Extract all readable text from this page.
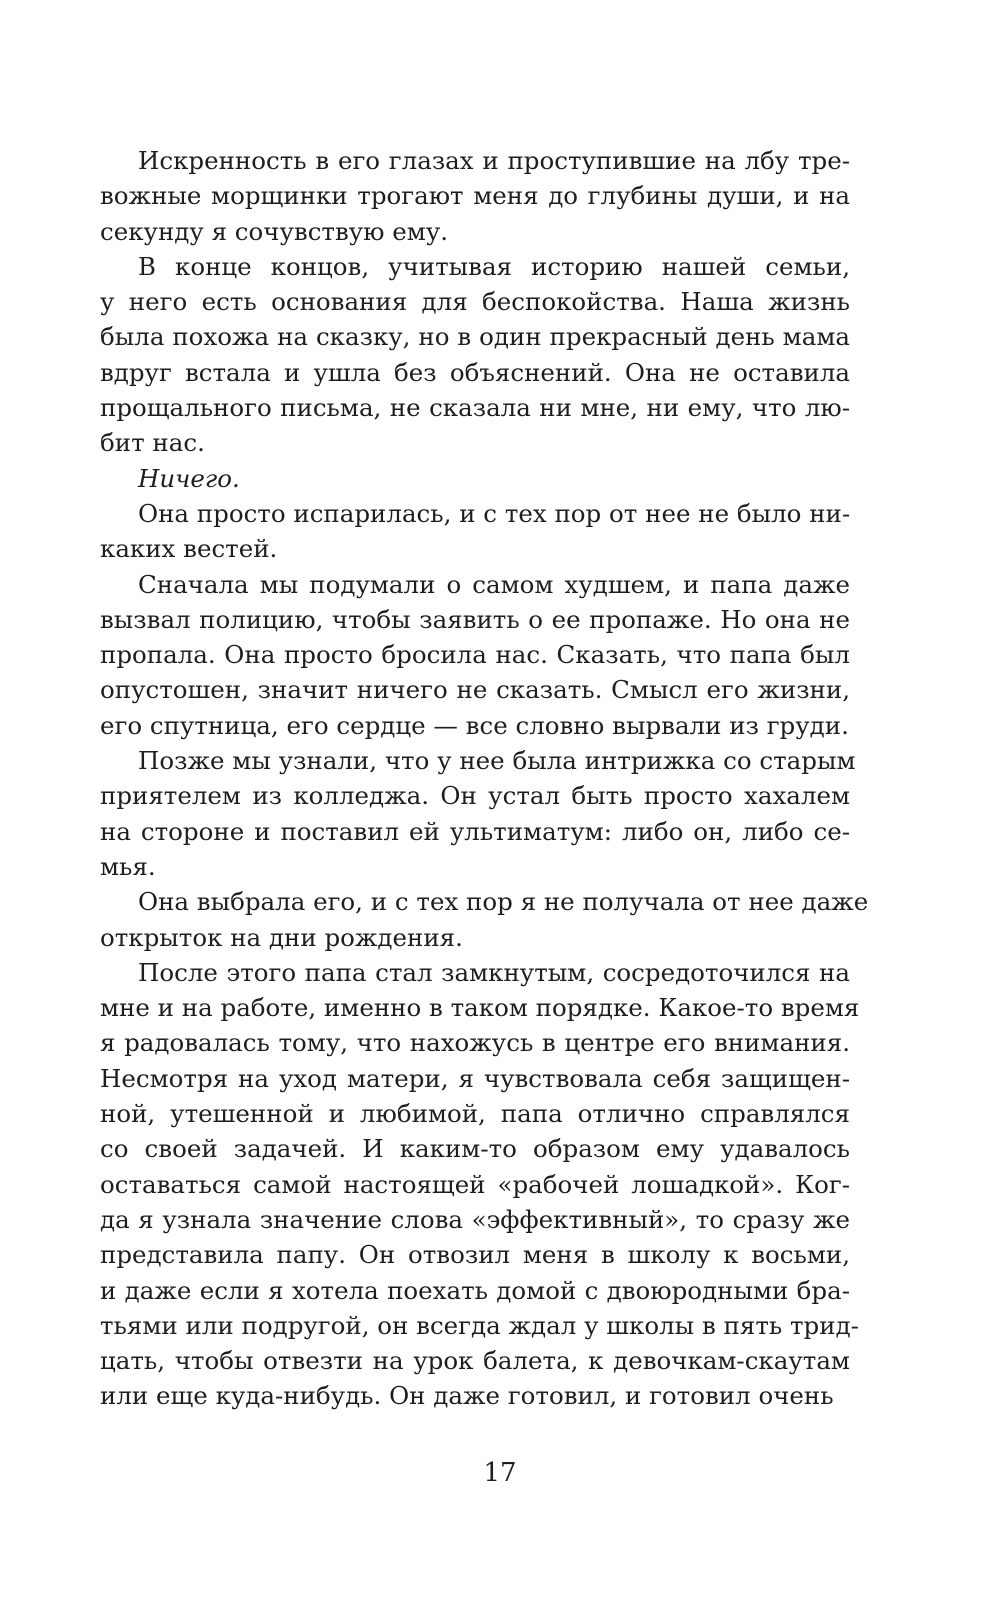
Искренность в его глазах и проступившие на лбу тре-
вожные морщинки трогают меня до глубины души, и на
секунду я сочувствую ему.
В конце концов, учитывая историю нашей семьи,
у него есть основания для беспокойства. Наша жизнь
была похожа на сказку, но в один прекрасный день мама
вдруг встала и ушла без объяснений. Она не оставила
прощального письма, не сказала ни мне, ни ему, что лю-
бит нас.
Ничего.
Она просто испарилась, и с тех пор от нее не было ни-
каких вестей.
Сначала мы подумали о самом худшем, и папа даже
вызвал полицию, чтобы заявить о ее пропаже. Но она не
пропала. Она просто бросила нас. Сказать, что папа был
опустошен, значит ничего не сказать. Смысл его жизни,
его спутница, его сердце — все словно вырвали из груди.
Позже мы узнали, что у нее была интрижка со старым
приятелем из колледжа. Он устал быть просто хахалем
на стороне и поставил ей ультиматум: либо он, либо се-
мья.
Она выбрала его, и с тех пор я не получала от нее даже
открыток на дни рождения.
После этого папа стал замкнутым, сосредоточился на
мне и на работе, именно в таком порядке. Какое-то время
я радовалась тому, что нахожусь в центре его внимания.
Несмотря на уход матери, я чувствовала себя защищен-
ной, утешенной и любимой, папа отлично справлялся
со своей задачей. И каким-то образом ему удавалось
оставаться самой настоящей «рабочей лошадкой». Ког-
да я узнала значение слова «эффективный», то сразу же
представила папу. Он отвозил меня в школу к восьми,
и даже если я хотела поехать домой с двоюродными бра-
тьями или подругой, он всегда ждал у школы в пять трид-
цать, чтобы отвезти на урок балета, к девочкам-скаутам
или еще куда-нибудь. Он даже готовил, и готовил очень
17
